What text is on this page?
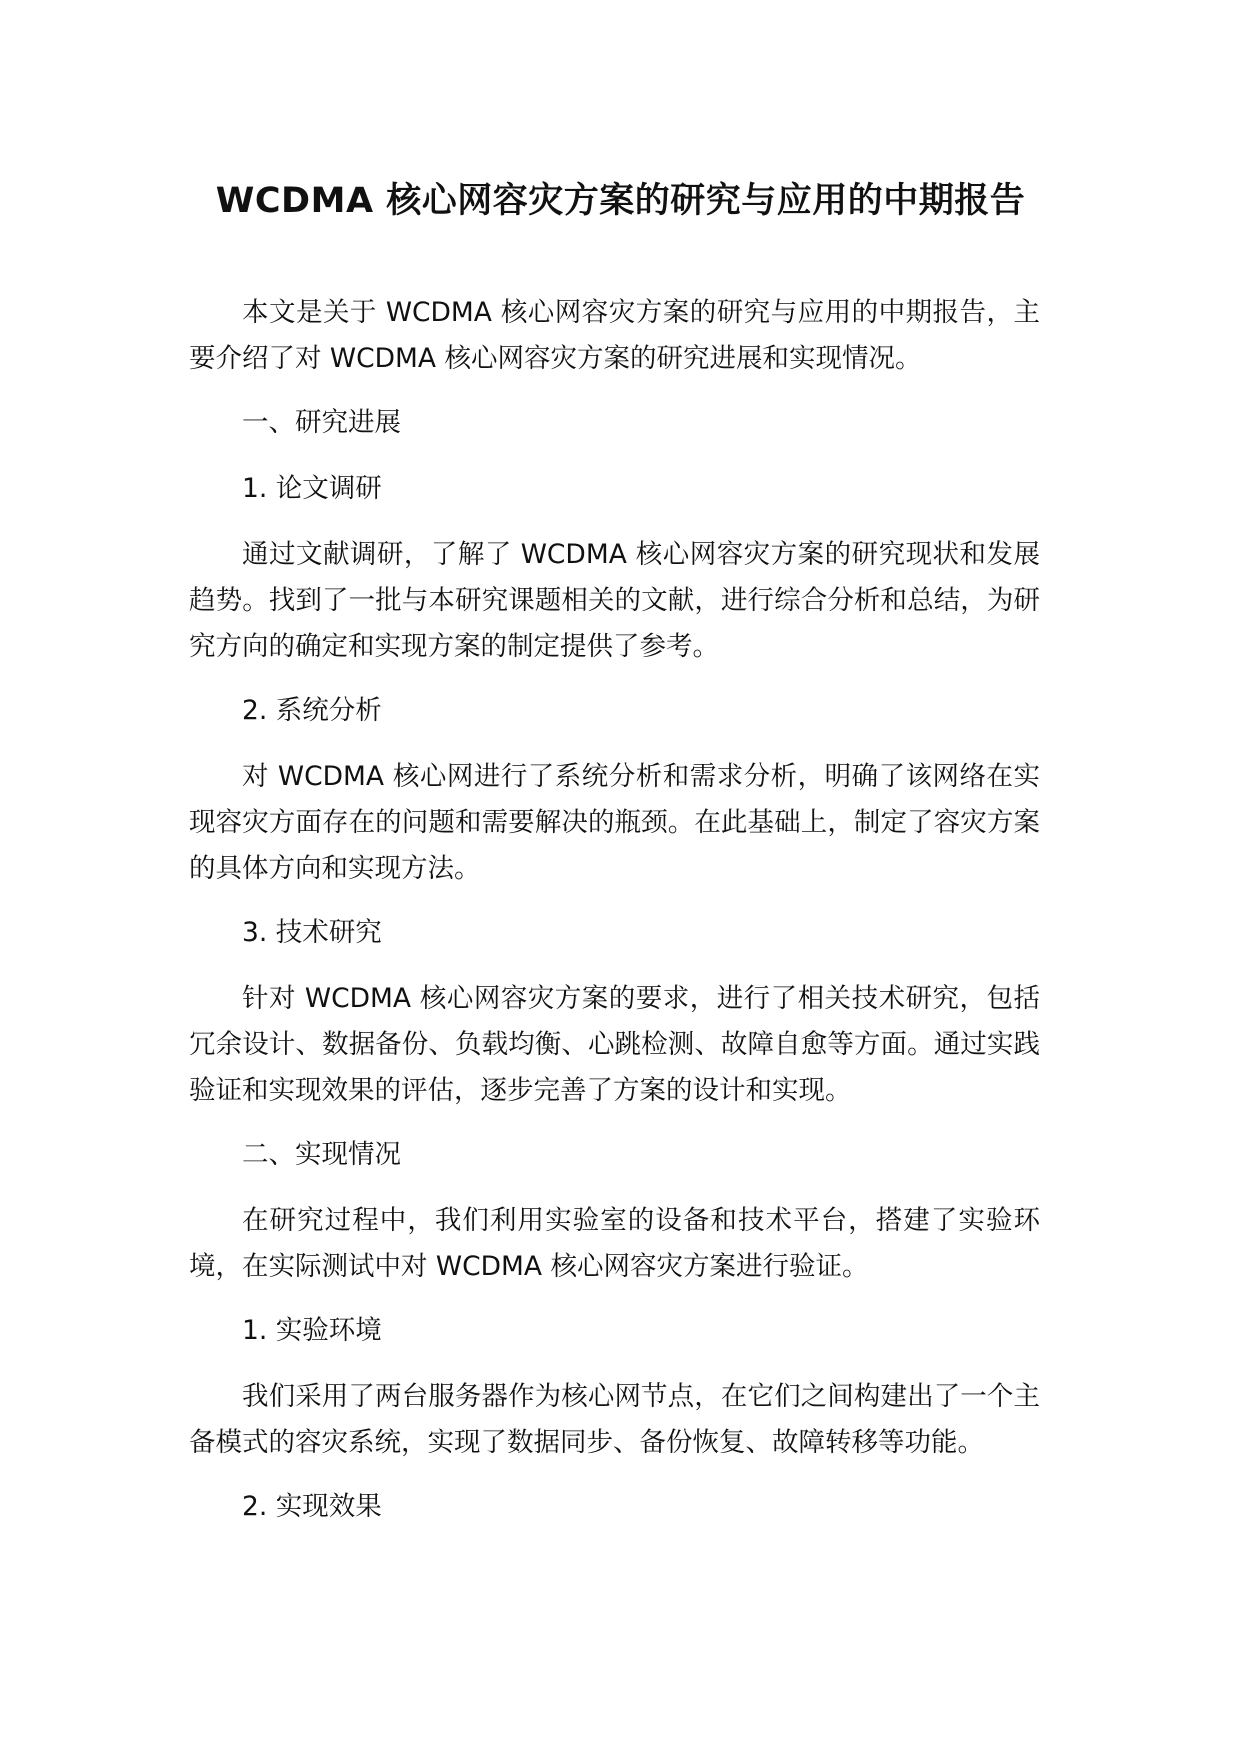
WCDMA 核心网容灾方案的研究与应用的中期报告

本文是关于 WCDMA 核心网容灾方案的研究与应用的中期报告，主要介绍了对 WCDMA 核心网容灾方案的研究进展和实现情况。

一、研究进展

1. 论文调研

通过文献调研，了解了 WCDMA 核心网容灾方案的研究现状和发展趋势。找到了一批与本研究课题相关的文献，进行综合分析和总结，为研究方向的确定和实现方案的制定提供了参考。

2. 系统分析

对 WCDMA 核心网进行了系统分析和需求分析，明确了该网络在实现容灾方面存在的问题和需要解决的瓶颈。在此基础上，制定了容灾方案的具体方向和实现方法。

3. 技术研究

针对 WCDMA 核心网容灾方案的要求，进行了相关技术研究，包括冗余设计、数据备份、负载均衡、心跳检测、故障自愈等方面。通过实践验证和实现效果的评估，逐步完善了方案的设计和实现。

二、实现情况

在研究过程中，我们利用实验室的设备和技术平台，搭建了实验环境，在实际测试中对 WCDMA 核心网容灾方案进行验证。

1. 实验环境

我们采用了两台服务器作为核心网节点，在它们之间构建出了一个主备模式的容灾系统，实现了数据同步、备份恢复、故障转移等功能。

2. 实现效果
